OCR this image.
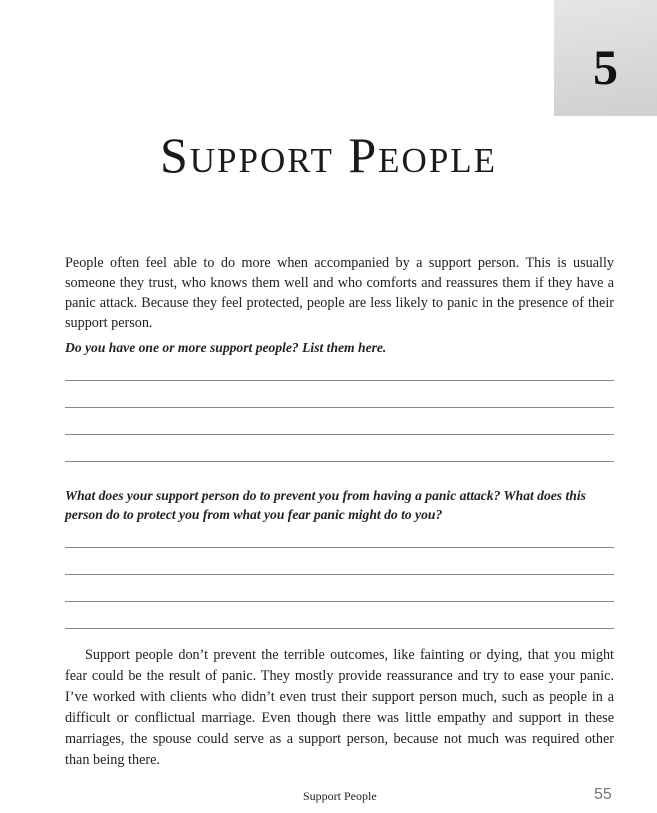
5
Support People

People often feel able to do more when accompanied by a support person. This is usually someone they trust, who knows them well and who comforts and reassures them if they have a panic attack. Because they feel protected, people are less likely to panic in the presence of their support person.

Do you have one or more support people? List them here.

What does your support person do to prevent you from having a panic attack? What does this person do to protect you from what you fear panic might do to you?

Support people don’t prevent the terrible outcomes, like fainting or dying, that you might fear could be the result of panic. They mostly provide reassurance and try to ease your panic. I’ve worked with clients who didn’t even trust their support person much, such as people in a difficult or conflictual marriage. Even though there was little empathy and support in these marriages, the spouse could serve as a support person, because not much was required other than being there.

Support People	55
